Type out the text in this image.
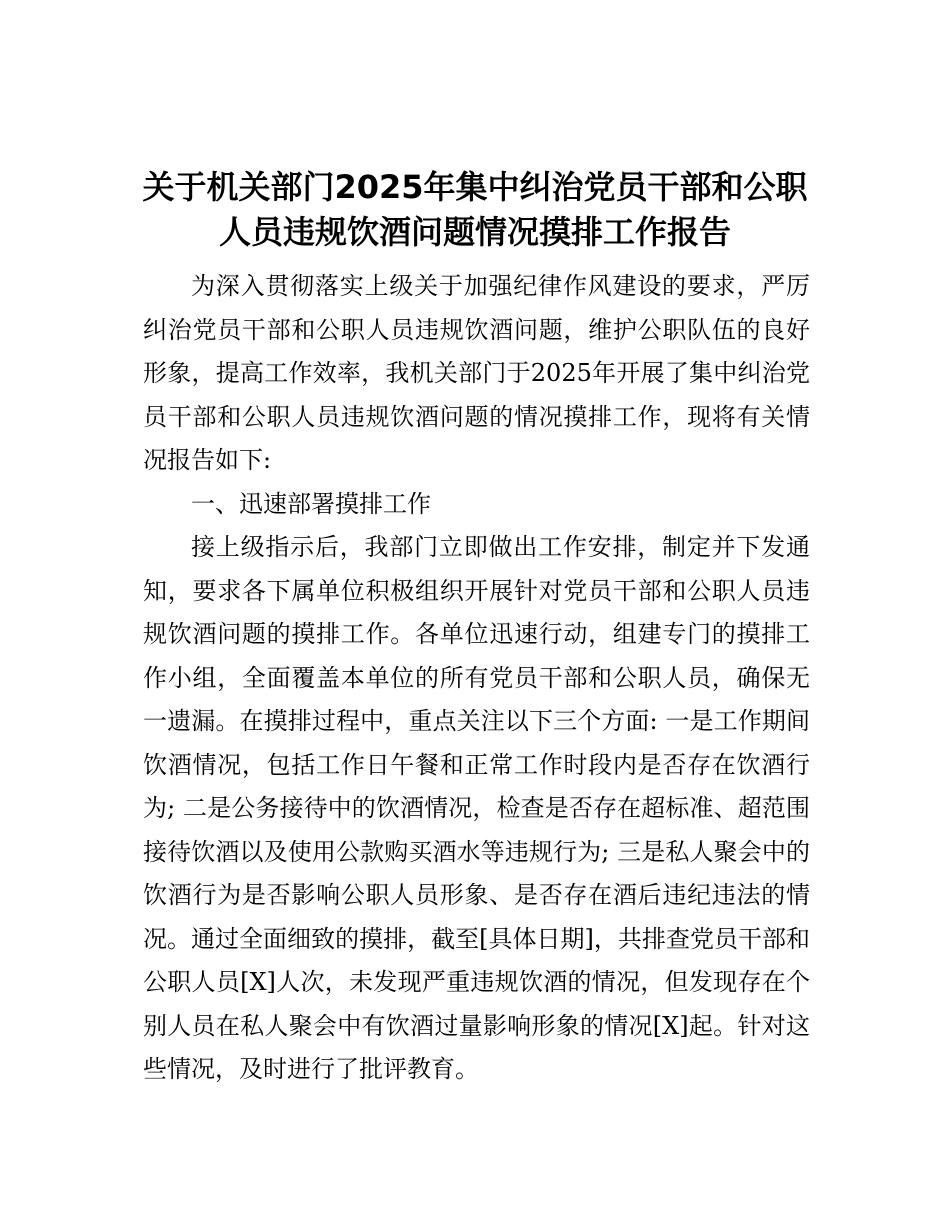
关于机关部门2025年集中纠治党员干部和公职
人员违规饮酒问题情况摸排工作报告

为深入贯彻落实上级关于加强纪律作风建设的要求，严厉纠治党员干部和公职人员违规饮酒问题，维护公职队伍的良好形象，提高工作效率，我机关部门于2025年开展了集中纠治党员干部和公职人员违规饮酒问题的情况摸排工作，现将有关情况报告如下:

一、迅速部署摸排工作

接上级指示后，我部门立即做出工作安排，制定并下发通知，要求各下属单位积极组织开展针对党员干部和公职人员违规饮酒问题的摸排工作。各单位迅速行动，组建专门的摸排工作小组，全面覆盖本单位的所有党员干部和公职人员，确保无一遗漏。在摸排过程中，重点关注以下三个方面: 一是工作期间饮酒情况，包括工作日午餐和正常工作时段内是否存在饮酒行为; 二是公务接待中的饮酒情况，检查是否存在超标准、超范围接待饮酒以及使用公款购买酒水等违规行为; 三是私人聚会中的饮酒行为是否影响公职人员形象、是否存在酒后违纪违法的情况。通过全面细致的摸排，截至[具体日期]，共排查党员干部和公职人员[X]人次，未发现严重违规饮酒的情况，但发现存在个别人员在私人聚会中有饮酒过量影响形象的情况[X]起。针对这些情况，及时进行了批评教育。
